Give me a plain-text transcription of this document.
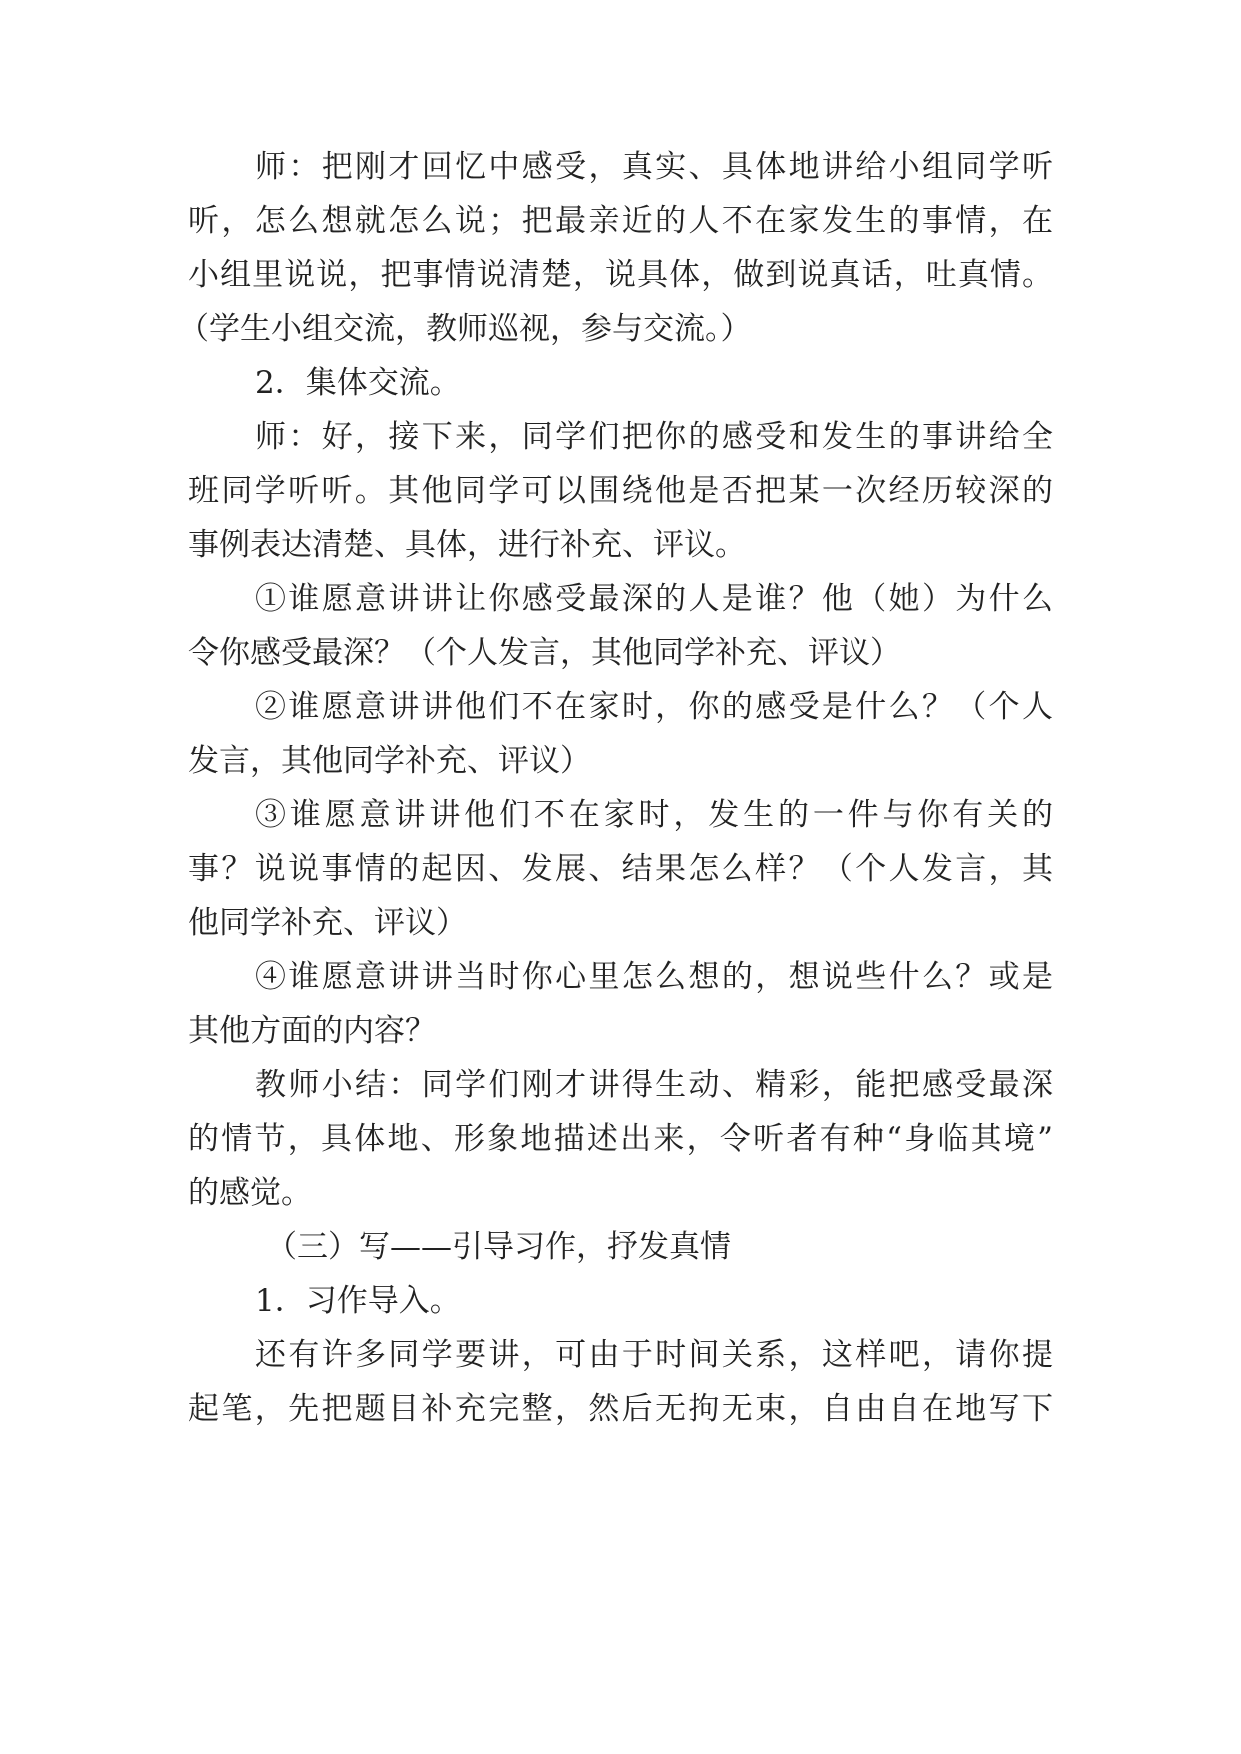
师：把刚才回忆中感受，真实、具体地讲给小组同学听
听，怎么想就怎么说；把最亲近的人不在家发生的事情，在
小组里说说，把事情说清楚，说具体，做到说真话，吐真情。
（学生小组交流，教师巡视，参与交流。）
2．集体交流。
师：好，接下来，同学们把你的感受和发生的事讲给全
班同学听听。其他同学可以围绕他是否把某一次经历较深的
事例表达清楚、具体，进行补充、评议。
①谁愿意讲讲让你感受最深的人是谁？他（她）为什么
令你感受最深？（个人发言，其他同学补充、评议）
②谁愿意讲讲他们不在家时，你的感受是什么？（个人
发言，其他同学补充、评议）
③谁愿意讲讲他们不在家时，发生的一件与你有关的
事？说说事情的起因、发展、结果怎么样？（个人发言，其
他同学补充、评议）
④谁愿意讲讲当时你心里怎么想的，想说些什么？或是
其他方面的内容？
教师小结：同学们刚才讲得生动、精彩，能把感受最深
的情节，具体地、形象地描述出来，令听者有种“身临其境”
的感觉。
（三）写——引导习作，抒发真情
1．习作导入。
还有许多同学要讲，可由于时间关系，这样吧，请你提
起笔，先把题目补充完整，然后无拘无束，自由自在地写下
